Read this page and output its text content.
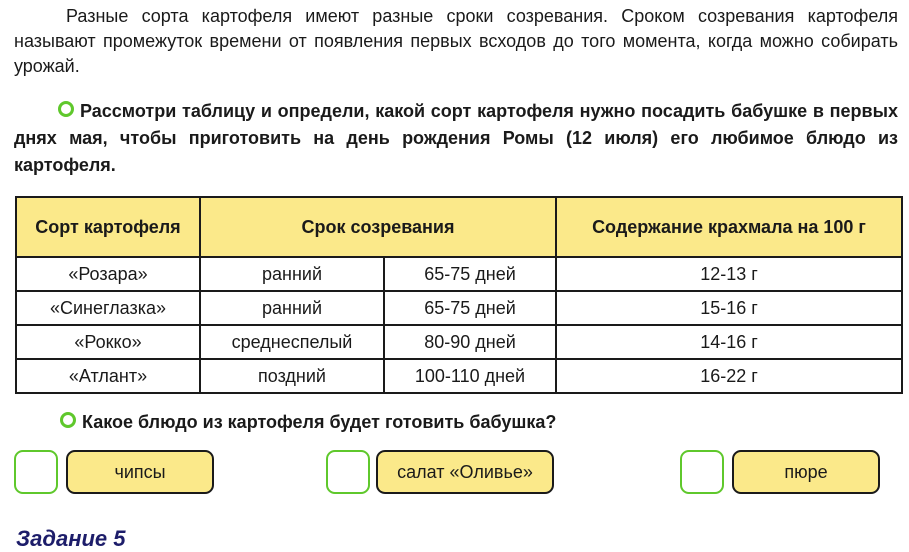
Разные сорта картофеля имеют разные сроки созревания. Сроком созревания картофеля называют промежуток времени от появления первых всходов до того момента, когда можно собирать урожай.
Рассмотри таблицу и определи, какой сорт картофеля нужно посадить бабушке в первых днях мая, чтобы приготовить на день рождения Ромы (12 июля) его любимое блюдо из картофеля.
Сорт картофеля	Срок созревания		Содержание крахмала на 100 г
«Розара»	ранний	65-75 дней	12-13 г
«Синеглазка»	ранний	65-75 дней	15-16 г
«Рокко»	среднеспелый	80-90 дней	14-16 г
«Атлант»	поздний	100-110 дней	16-22 г
Какое блюдо из картофеля будет готовить бабушка?
чипсы	салат «Оливье»	пюре
Задание 5
